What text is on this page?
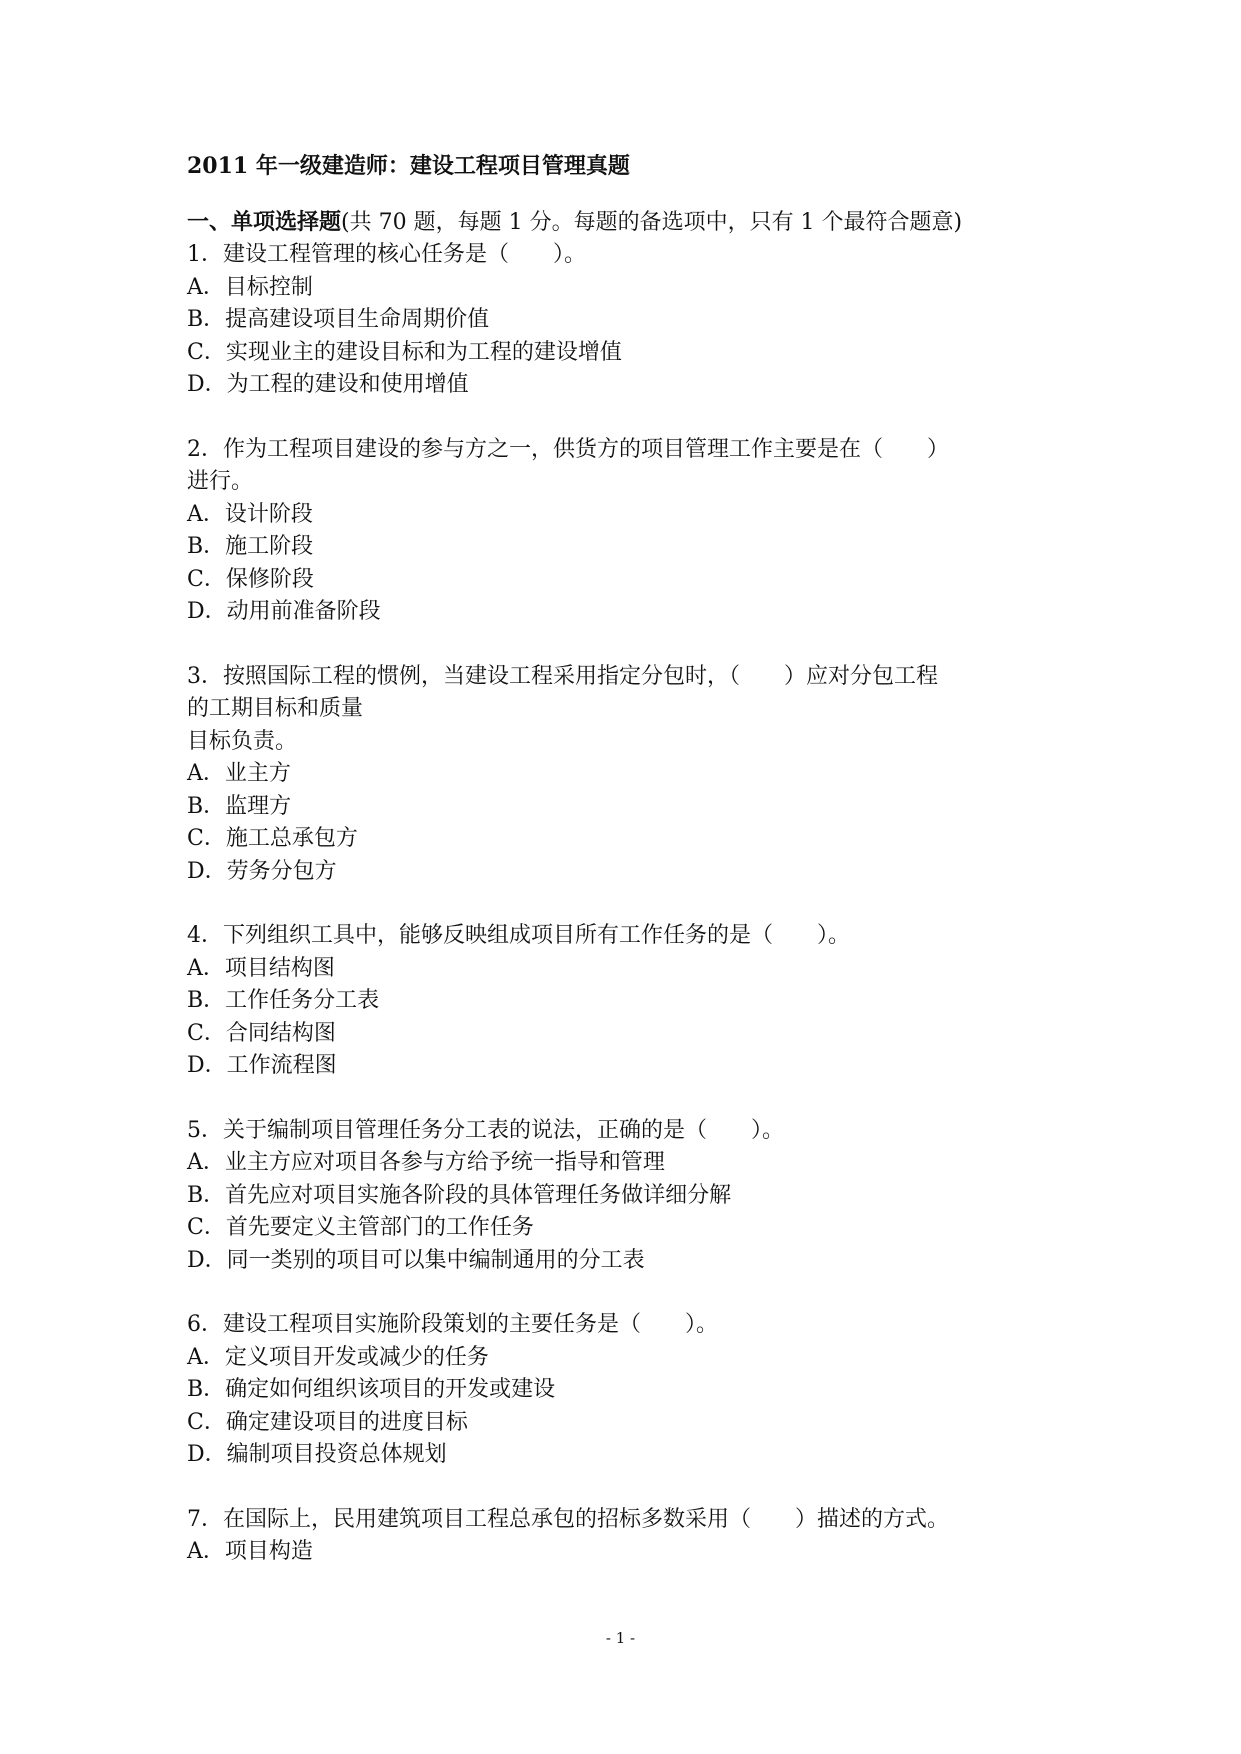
2011 年一级建造师：建设工程项目管理真题
一、单项选择题(共 70 题，每题 1 分。每题的备选项中，只有 1 个最符合题意)
1．建设工程管理的核心任务是（　　）。
A．目标控制
B．提高建设项目生命周期价值
C．实现业主的建设目标和为工程的建设增值
D．为工程的建设和使用增值
2．作为工程项目建设的参与方之一，供货方的项目管理工作主要是在（　　）
进行。
A．设计阶段
B．施工阶段
C．保修阶段
D．动用前准备阶段
3．按照国际工程的惯例，当建设工程采用指定分包时，（　　）应对分包工程
的工期目标和质量
目标负责。
A．业主方
B．监理方
C．施工总承包方
D．劳务分包方
4．下列组织工具中，能够反映组成项目所有工作任务的是（　　）。
A．项目结构图
B．工作任务分工表
C．合同结构图
D．工作流程图
5．关于编制项目管理任务分工表的说法，正确的是（　　）。
A．业主方应对项目各参与方给予统一指导和管理
B．首先应对项目实施各阶段的具体管理任务做详细分解
C．首先要定义主管部门的工作任务
D．同一类别的项目可以集中编制通用的分工表
6．建设工程项目实施阶段策划的主要任务是（　　）。
A．定义项目开发或减少的任务
B．确定如何组织该项目的开发或建设
C．确定建设项目的进度目标
D．编制项目投资总体规划
7．在国际上，民用建筑项目工程总承包的招标多数采用（　　）描述的方式。
A．项目构造
- 1 -
